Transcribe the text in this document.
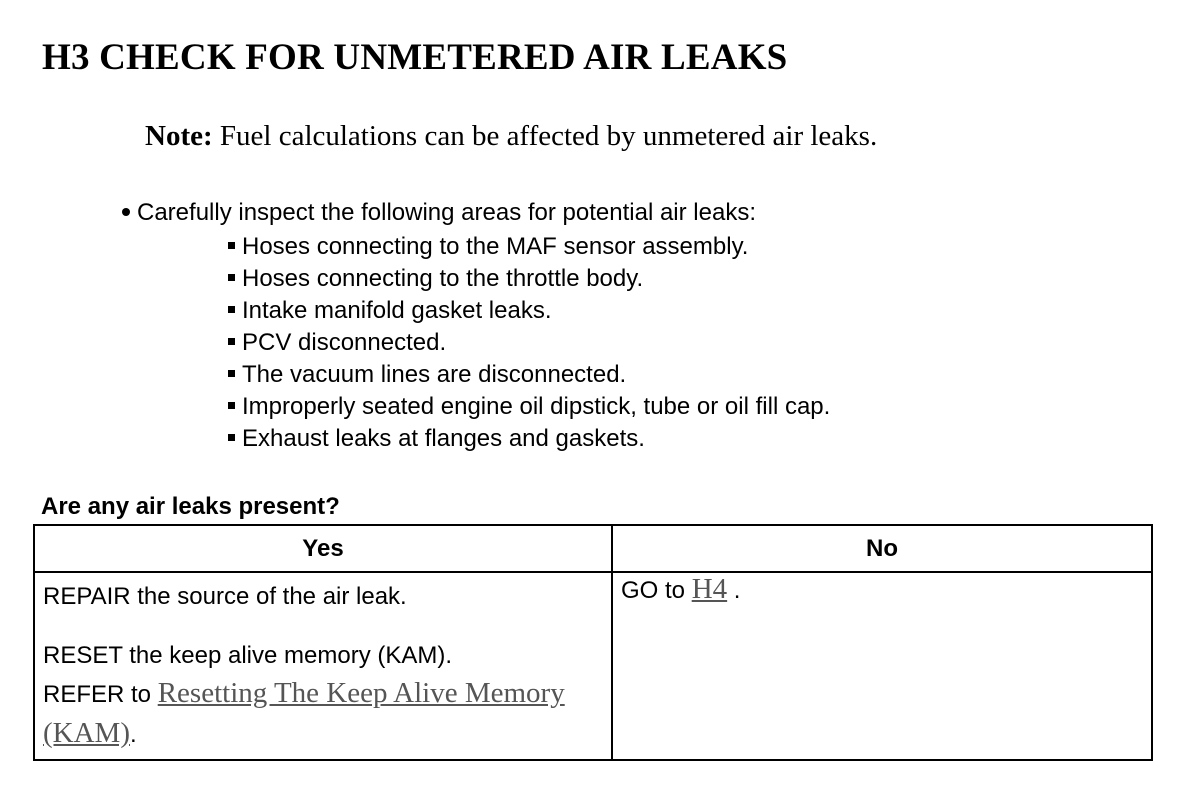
H3 CHECK FOR UNMETERED AIR LEAKS
Note: Fuel calculations can be affected by unmetered air leaks.
Carefully inspect the following areas for potential air leaks:
Hoses connecting to the MAF sensor assembly.
Hoses connecting to the throttle body.
Intake manifold gasket leaks.
PCV disconnected.
The vacuum lines are disconnected.
Improperly seated engine oil dipstick, tube or oil fill cap.
Exhaust leaks at flanges and gaskets.
Are any air leaks present?
Yes	No

REPAIR the source of the air leak.
RESET the keep alive memory (KAM).
REFER to Resetting The Keep Alive Memory (KAM).	GO to H4 .
